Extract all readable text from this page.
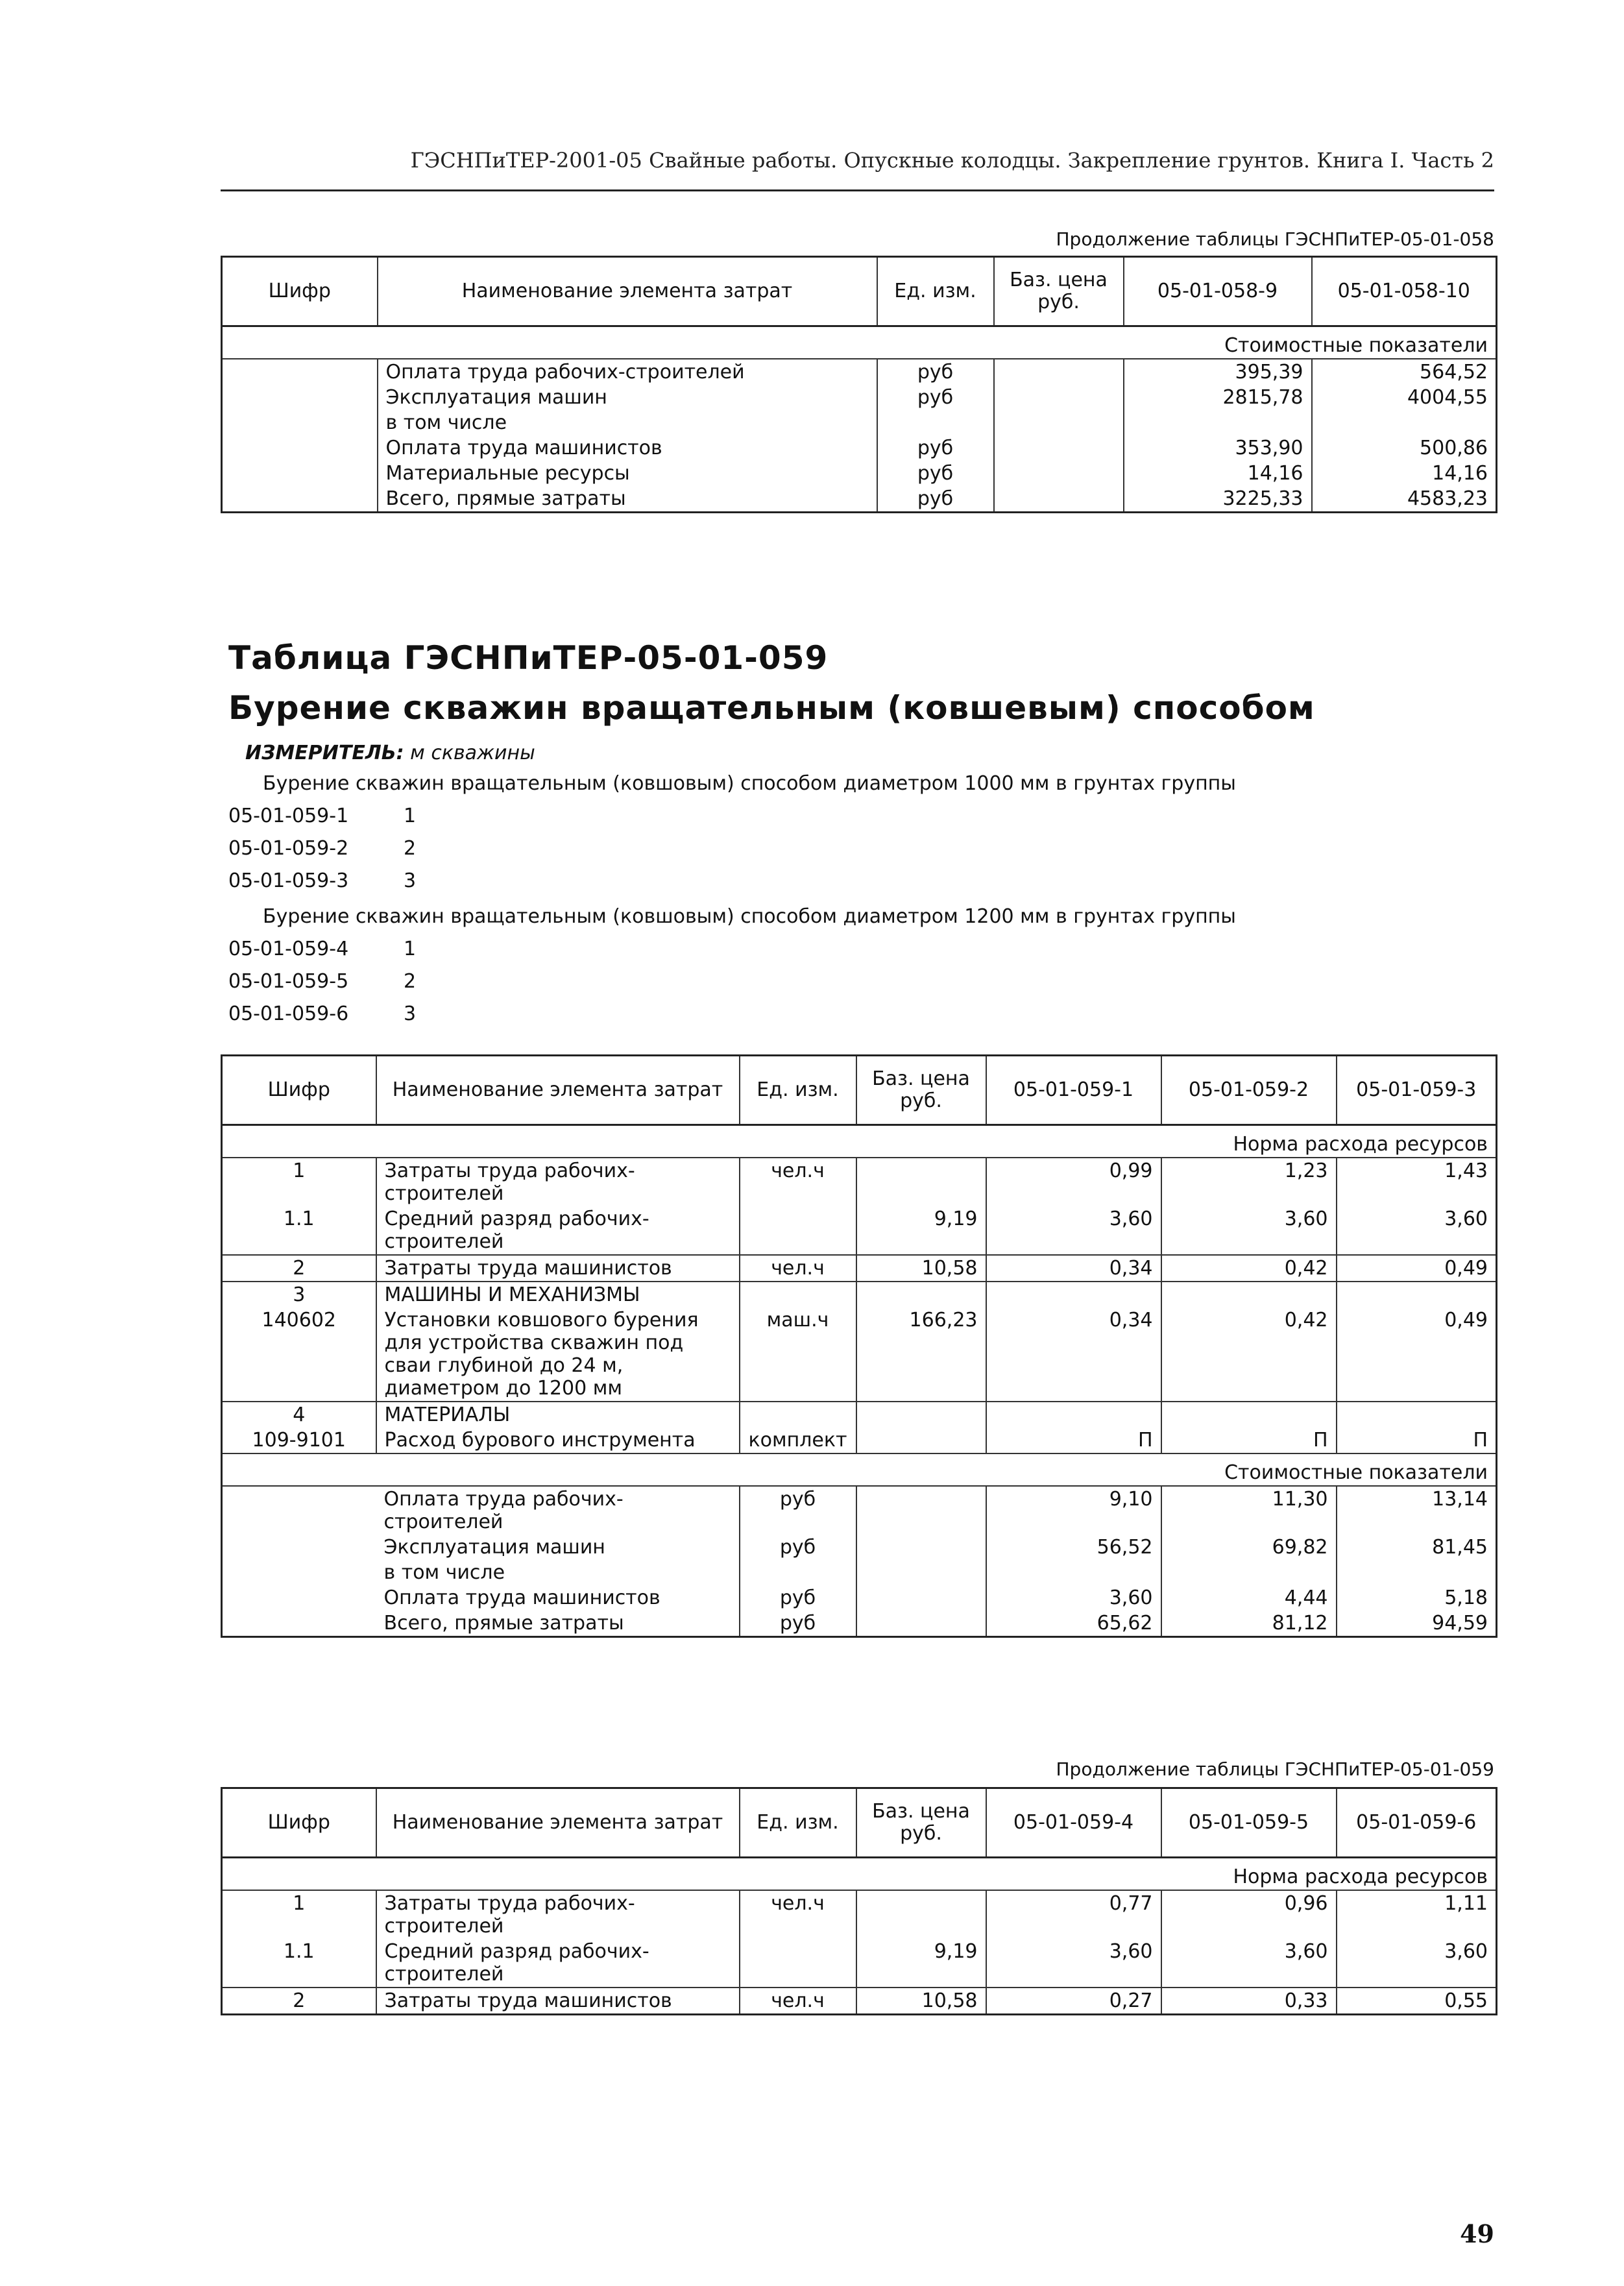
ГЭСНПиТЕР-2001-05 Свайные работы. Опускные колодцы. Закрепление грунтов. Книга I. Часть 2
Продолжение таблицы ГЭСНПиТЕР-05-01-058
Шифр	Наименование элемента затрат	Ед. изм.	Баз. цена руб.	05-01-058-9	05-01-058-10
Стоимостные показатели					
	Оплата труда рабочих-строителей	руб		395,39	564,52
	Эксплуатация машин	руб		2815,78	4004,55
	в том числе				
	Оплата труда машинистов	руб		353,90	500,86
	Материальные ресурсы	руб		14,16	14,16
	Всего, прямые затраты	руб		3225,33	4583,23
Таблица ГЭСНПиТЕР-05-01-059
Бурение скважин вращательным (ковшевым) способом
ИЗМЕРИТЕЛЬ: м скважины
Бурение скважин вращательным (ковшовым) способом диаметром 1000 мм в грунтах группы
05-01-059-1	1
05-01-059-2	2
05-01-059-3	3
Бурение скважин вращательным (ковшовым) способом диаметром 1200 мм в грунтах группы
05-01-059-4	1
05-01-059-5	2
05-01-059-6	3
Шифр	Наименование элемента затрат	Ед. изм.	Баз. цена руб.	05-01-059-1	05-01-059-2	05-01-059-3
Норма расхода ресурсов						
1	Затраты труда рабочих-строителей	чел.ч		0,99	1,23	1,43
1.1	Средний разряд рабочих-строителей		9,19	3,60	3,60	3,60
2	Затраты труда машинистов	чел.ч	10,58	0,34	0,42	0,49
3	МАШИНЫ И МЕХАНИЗМЫ					
140602	Установки ковшового бурения для устройства скважин под сваи глубиной до 24 м, диаметром до 1200 мм	маш.ч	166,23	0,34	0,42	0,49
4	МАТЕРИАЛЫ					
109-9101	Расход бурового инструмента	комплект		П	П	П
Стоимостные показатели						
	Оплата труда рабочих-строителей	руб		9,10	11,30	13,14
	Эксплуатация машин	руб		56,52	69,82	81,45
	в том числе					
	Оплата труда машинистов	руб		3,60	4,44	5,18
	Всего, прямые затраты	руб		65,62	81,12	94,59
Продолжение таблицы ГЭСНПиТЕР-05-01-059
Шифр	Наименование элемента затрат	Ед. изм.	Баз. цена руб.	05-01-059-4	05-01-059-5	05-01-059-6
Норма расхода ресурсов						
1	Затраты труда рабочих-строителей	чел.ч		0,77	0,96	1,11
1.1	Средний разряд рабочих-строителей		9,19	3,60	3,60	3,60
2	Затраты труда машинистов	чел.ч	10,58	0,27	0,33	0,55
49
